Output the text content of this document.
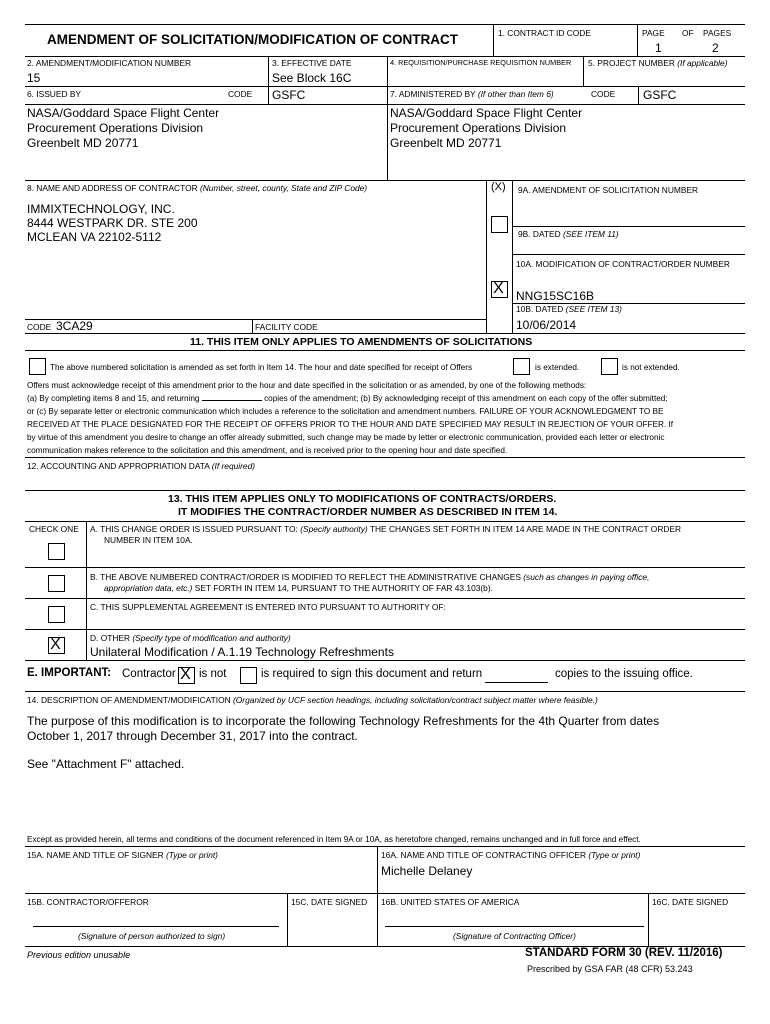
AMENDMENT OF SOLICITATION/MODIFICATION OF CONTRACT	1. CONTRACT ID CODE	PAGE OF PAGES
1	2
2. AMENDMENT/MODIFICATION NUMBER
15
3. EFFECTIVE DATE
See Block 16C
4. REQUISITION/PURCHASE REQUISITION NUMBER 5. PROJECT NUMBER (If applicable)
6. ISSUED BY	CODE GSFC	7. ADMINISTERED BY (If other than Item 6)	CODE GSFC
NASA/Goddard Space Flight Center
Procurement Operations Division
Greenbelt MD 20771
NASA/Goddard Space Flight Center
Procurement Operations Division
Greenbelt MD 20771
8. NAME AND ADDRESS OF CONTRACTOR (Number, street, county, State and ZIP Code)	(X) 9A. AMENDMENT OF SOLICITATION NUMBER
IMMIXTECHNOLOGY, INC.
8444 WESTPARK DR. STE 200
MCLEAN VA 22102-5112	9B. DATED (SEE ITEM 11)
10A. MODIFICATION OF CONTRACT/ORDER NUMBER
X NNG15SC16B
10B. DATED (SEE ITEM 13)
10/06/2014
CODE 3CA29	FACILITY CODE
11. THIS ITEM ONLY APPLIES TO AMENDMENTS OF SOLICITATIONS
The above numbered solicitation is amended as set forth in Item 14. The hour and date specified for receipt of Offers	is extended.	is not extended.
Offers must acknowledge receipt of this amendment prior to the hour and date specified in the solicitation or as amended, by one of the following methods:
(a) By completing items 8 and 15, and returning	copies of the amendment; (b) By acknowledging receipt of this amendment on each copy of the offer submitted;
or (c) By separate letter or electronic communication which includes a reference to the solicitation and amendment numbers. FAILURE OF YOUR ACKNOWLEDGMENT TO BE
RECEIVED AT THE PLACE DESIGNATED FOR THE RECEIPT OF OFFERS PRIOR TO THE HOUR AND DATE SPECIFIED MAY RESULT IN REJECTION OF YOUR OFFER. If
by virtue of this amendment you desire to change an offer already submitted, such change may be made by letter or electronic communication, provided each letter or electronic
communication makes reference to the solicitation and this amendment, and is received prior to the opening hour and date specified.
12. ACCOUNTING AND APPROPRIATION DATA (If required)
13. THIS ITEM APPLIES ONLY TO MODIFICATIONS OF CONTRACTS/ORDERS.
IT MODIFIES THE CONTRACT/ORDER NUMBER AS DESCRIBED IN ITEM 14.
CHECK ONE A. THIS CHANGE ORDER IS ISSUED PURSUANT TO: (Specify authority) THE CHANGES SET FORTH IN ITEM 14 ARE MADE IN THE CONTRACT ORDER
NUMBER IN ITEM 10A.
B. THE ABOVE NUMBERED CONTRACT/ORDER IS MODIFIED TO REFLECT THE ADMINISTRATIVE CHANGES (such as changes in paying office,
appropriation data, etc.) SET FORTH IN ITEM 14, PURSUANT TO THE AUTHORITY OF FAR 43.103(b).
C. THIS SUPPLEMENTAL AGREEMENT IS ENTERED INTO PURSUANT TO AUTHORITY OF:
D. OTHER (Specify type of modification and authority)
X Unilateral Modification / A.1.19 Technology Refreshments
E. IMPORTANT: Contractor X is not	is required to sign this document and return	copies to the issuing office.
14. DESCRIPTION OF AMENDMENT/MODIFICATION (Organized by UCF section headings, including solicitation/contract subject matter where feasible.)
The purpose of this modification is to incorporate the following Technology Refreshments for the 4th Quarter from dates
October 1, 2017 through December 31, 2017 into the contract.
See "Attachment F" attached.
Except as provided herein, all terms and conditions of the document referenced in Item 9A or 10A, as heretofore changed, remains unchanged and in full force and effect.
15A. NAME AND TITLE OF SIGNER (Type or print)	16A. NAME AND TITLE OF CONTRACTING OFFICER (Type or print)
Michelle Delaney
15B. CONTRACTOR/OFFEROR	15C. DATE SIGNED 16B. UNITED STATES OF AMERICA	16C. DATE SIGNED
(Signature of person authorized to sign)	(Signature of Contracting Officer)
Previous edition unusable	STANDARD FORM 30 (REV. 11/2016)
Prescribed by GSA FAR (48 CFR) 53.243
